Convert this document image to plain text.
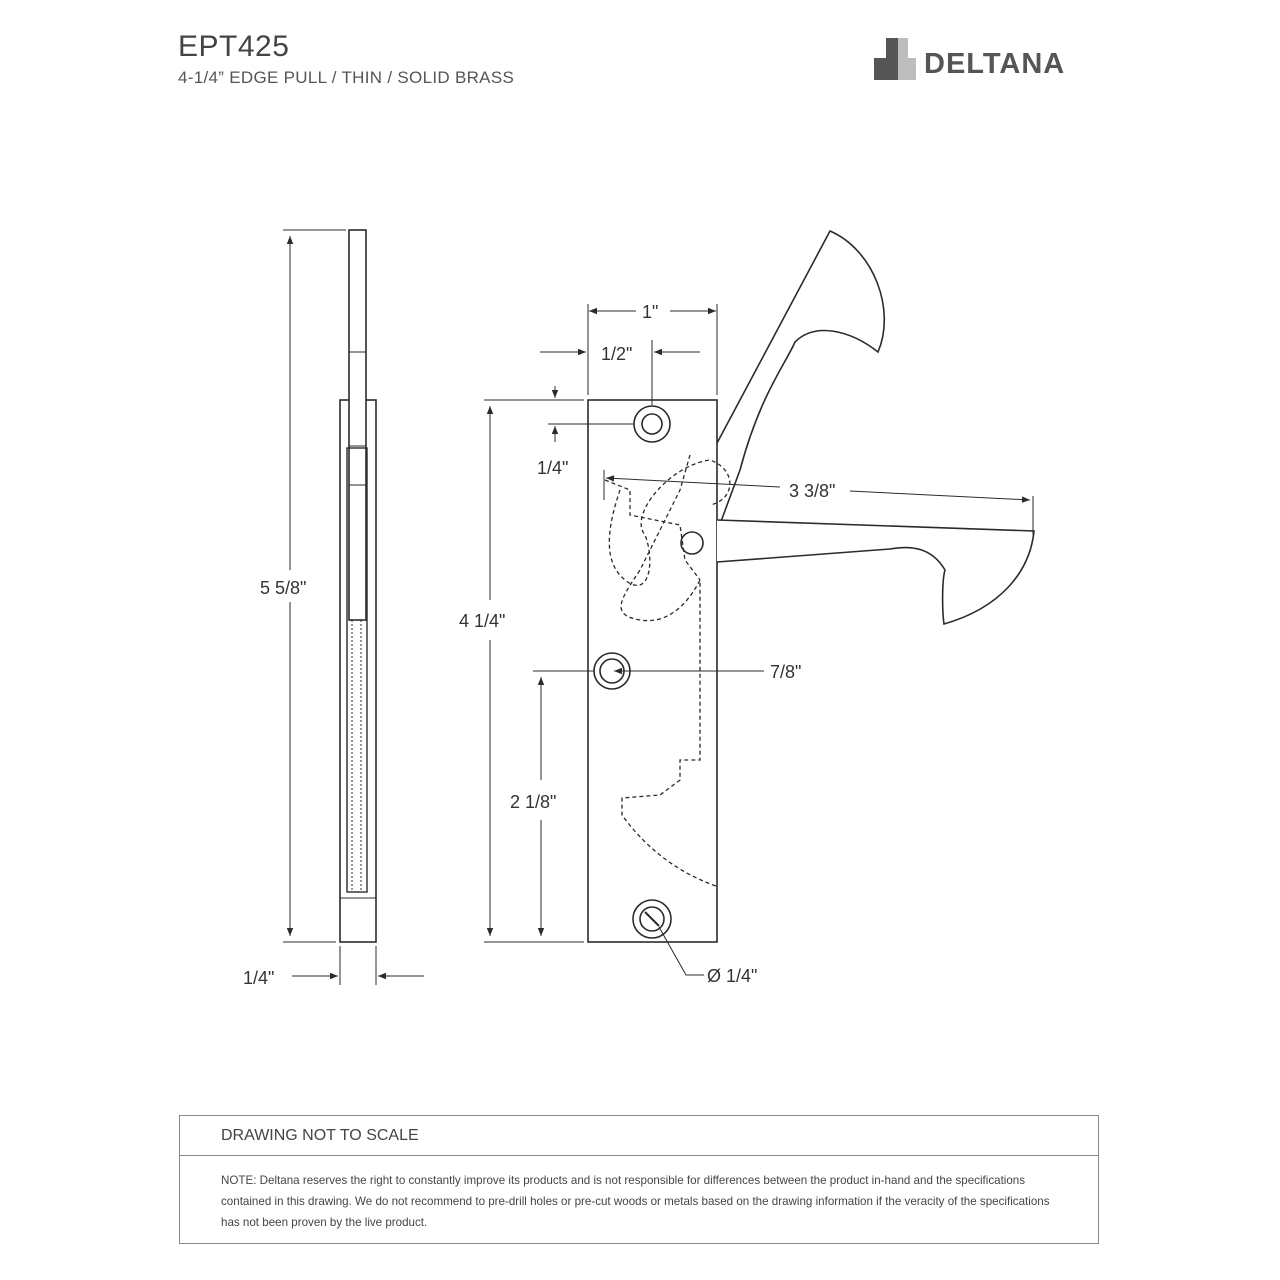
EPT425
4-1/4” EDGE PULL / THIN / SOLID BRASS	DELTANA
5 5/8"
1/4"
1"
1/2"
1/4"
4 1/4"
3 3/8"
7/8"
2 1/8"
Ø 1/4"
DRAWING NOT TO SCALE
NOTE: Deltana reserves the right to constantly improve its products and is not responsible for differences between the product in-hand and the specifications contained in this drawing. We do not recommend to pre-drill holes or pre-cut woods or metals based on the drawing information if the veracity of the specifications has not been proven by the live product.
